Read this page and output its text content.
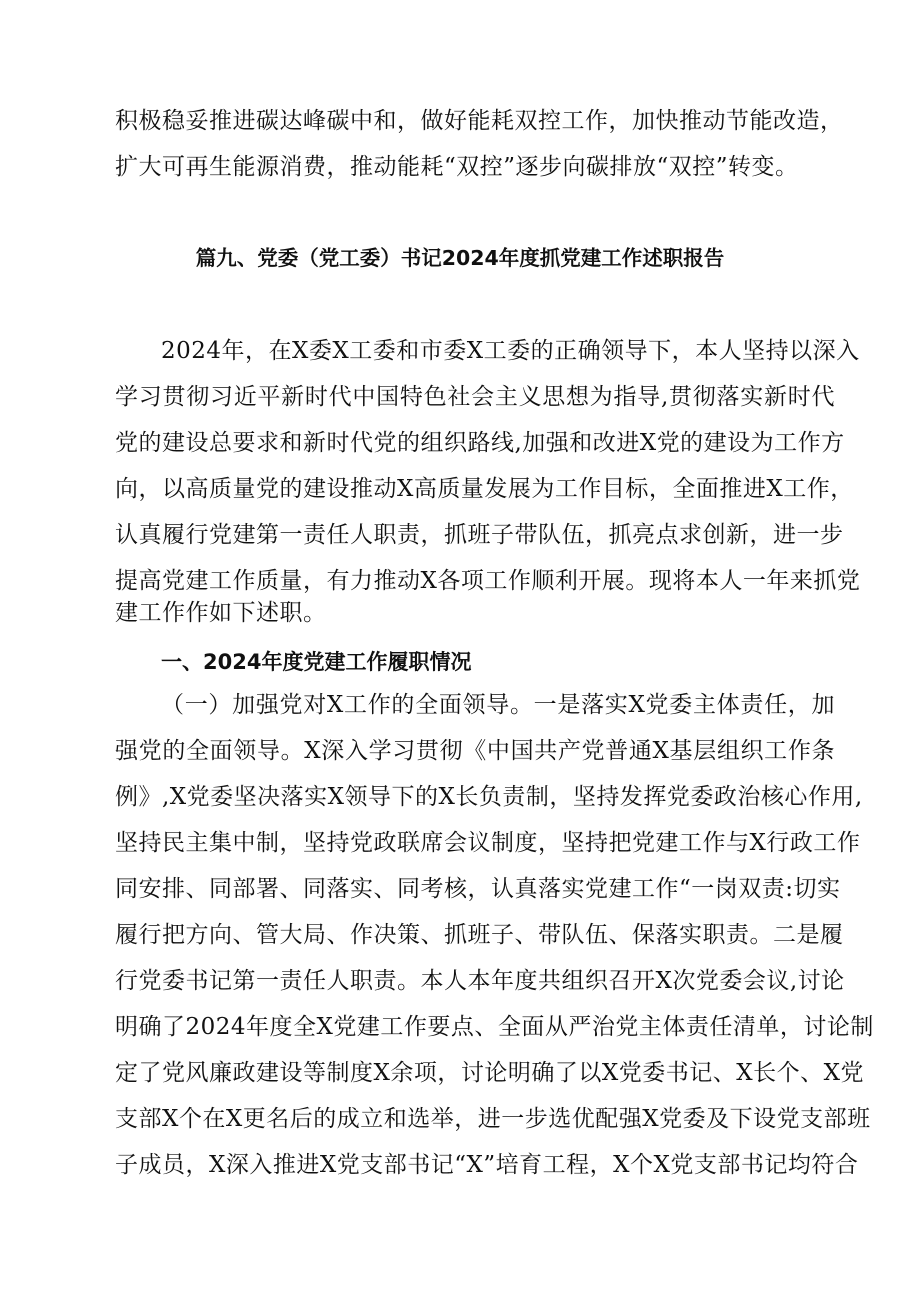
积极稳妥推进碳达峰碳中和，做好能耗双控工作，加快推动节能改造，
扩大可再生能源消费，推动能耗“双控”逐步向碳排放“双控”转变。
篇九、党委（党工委）书记2024年度抓党建工作述职报告
2024年，在X委X工委和市委X工委的正确领导下，本人坚持以深入
学习贯彻习近平新时代中国特色社会主义思想为指导,贯彻落实新时代
党的建设总要求和新时代党的组织路线,加强和改进X党的建设为工作方
向，以高质量党的建设推动X高质量发展为工作目标，全面推进X工作，
认真履行党建第一责任人职责，抓班子带队伍，抓亮点求创新，进一步
提高党建工作质量，有力推动X各项工作顺利开展。现将本人一年来抓党
建工作作如下述职。
一、2024年度党建工作履职情况
（一）加强党对X工作的全面领导。一是落实X党委主体责任，加
强党的全面领导。X深入学习贯彻《中国共产党普通X基层组织工作条
例》,X党委坚决落实X领导下的X长负责制，坚持发挥党委政治核心作用,
坚持民主集中制，坚持党政联席会议制度，坚持把党建工作与X行政工作
同安排、同部署、同落实、同考核，认真落实党建工作“一岗双责:切实
履行把方向、管大局、作决策、抓班子、带队伍、保落实职责。二是履
行党委书记第一责任人职责。本人本年度共组织召开X次党委会议,讨论
明确了2024年度全X党建工作要点、全面从严治党主体责任清单，讨论制
定了党风廉政建设等制度X余项，讨论明确了以X党委书记、X长个、X党
支部X个在X更名后的成立和选举，进一步选优配强X党委及下设党支部班
子成员，X深入推进X党支部书记“X”培育工程，X个X党支部书记均符合
